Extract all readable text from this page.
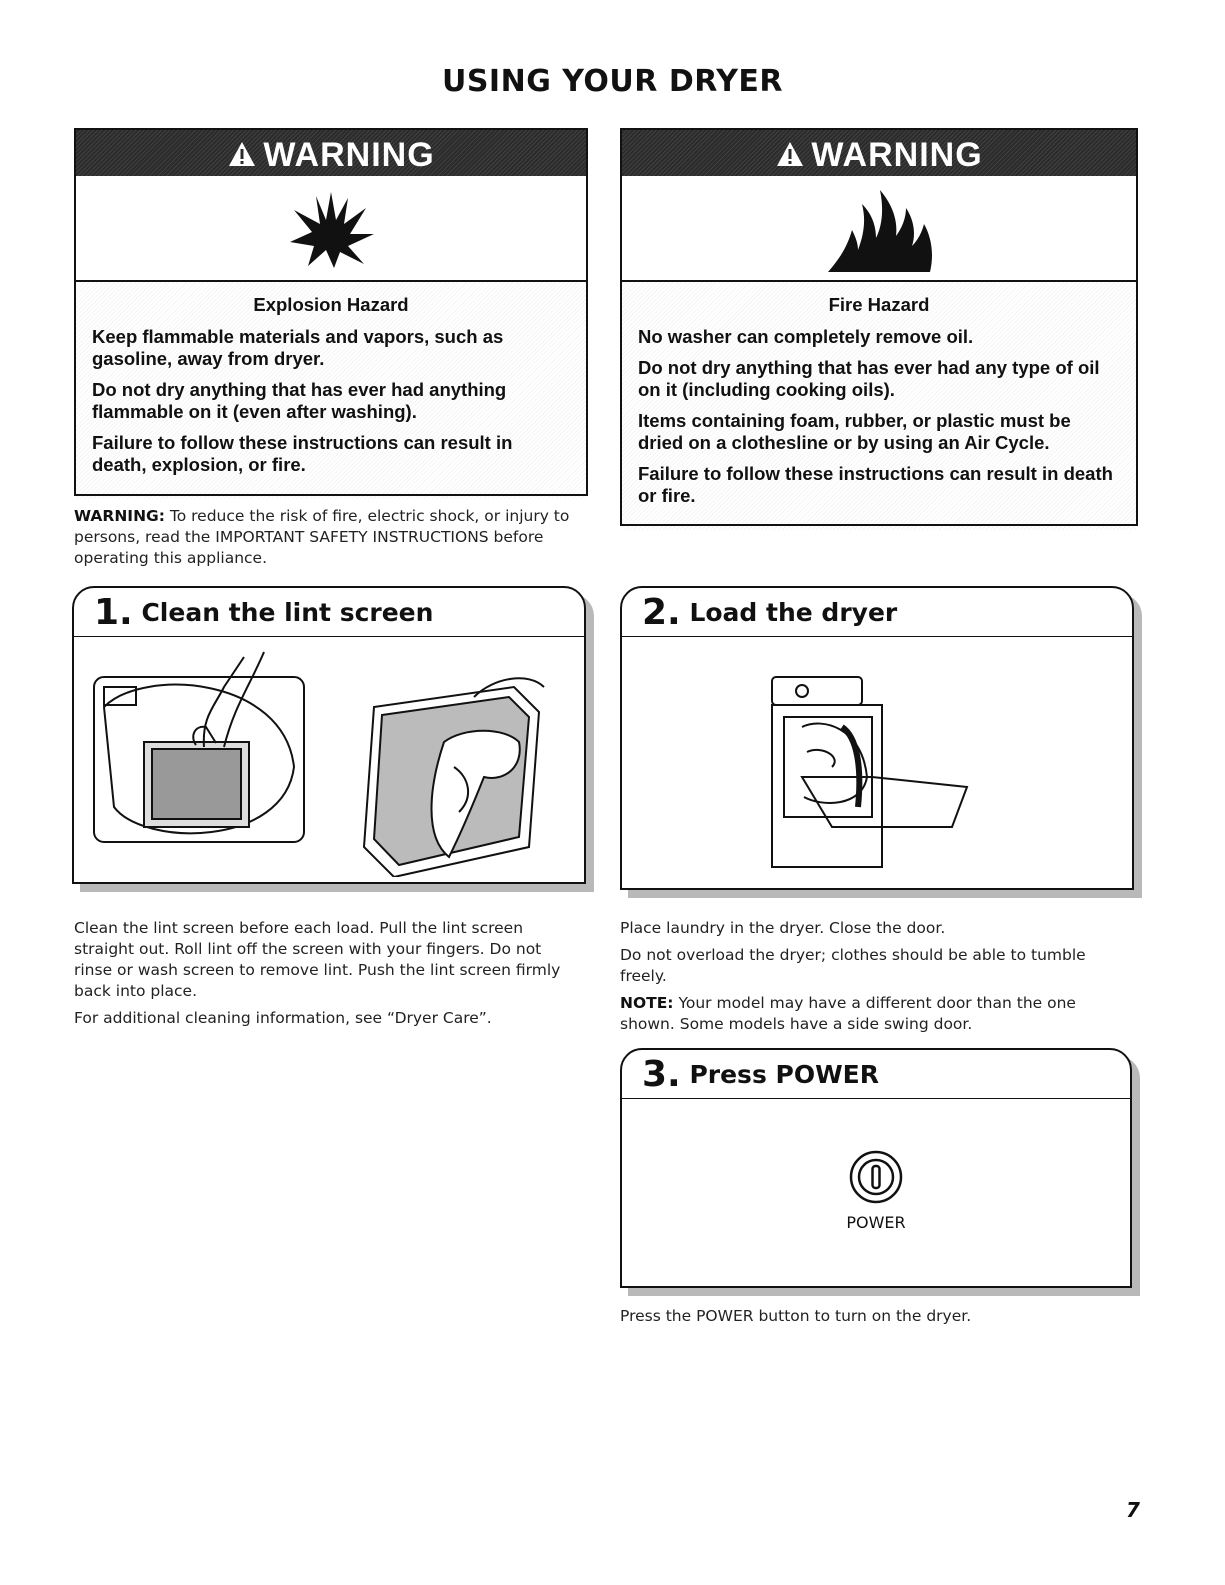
USING YOUR DRYER
WARNING
Explosion Hazard

Keep flammable materials and vapors, such as gasoline, away from dryer.

Do not dry anything that has ever had anything flammable on it (even after washing).

Failure to follow these instructions can result in death, explosion, or fire.

WARNING
Fire Hazard

No washer can completely remove oil.

Do not dry anything that has ever had any type of oil on it (including cooking oils).

Items containing foam, rubber, or plastic must be dried on a clothesline or by using an Air Cycle.

Failure to follow these instructions can result in death or fire.

WARNING: To reduce the risk of fire, electric shock, or injury to persons, read the IMPORTANT SAFETY INSTRUCTIONS before operating this appliance.
1. Clean the lint screen

Clean the lint screen before each load. Pull the lint screen straight out. Roll lint off the screen with your fingers. Do not rinse or wash screen to remove lint. Push the lint screen firmly back into place.

For additional cleaning information, see “Dryer Care”.

2. Load the dryer

Place laundry in the dryer. Close the door.

Do not overload the dryer; clothes should be able to tumble freely.

NOTE: Your model may have a different door than the one shown. Some models have a side swing door.

3. Press POWER
POWER

Press the POWER button to turn on the dryer.

7
